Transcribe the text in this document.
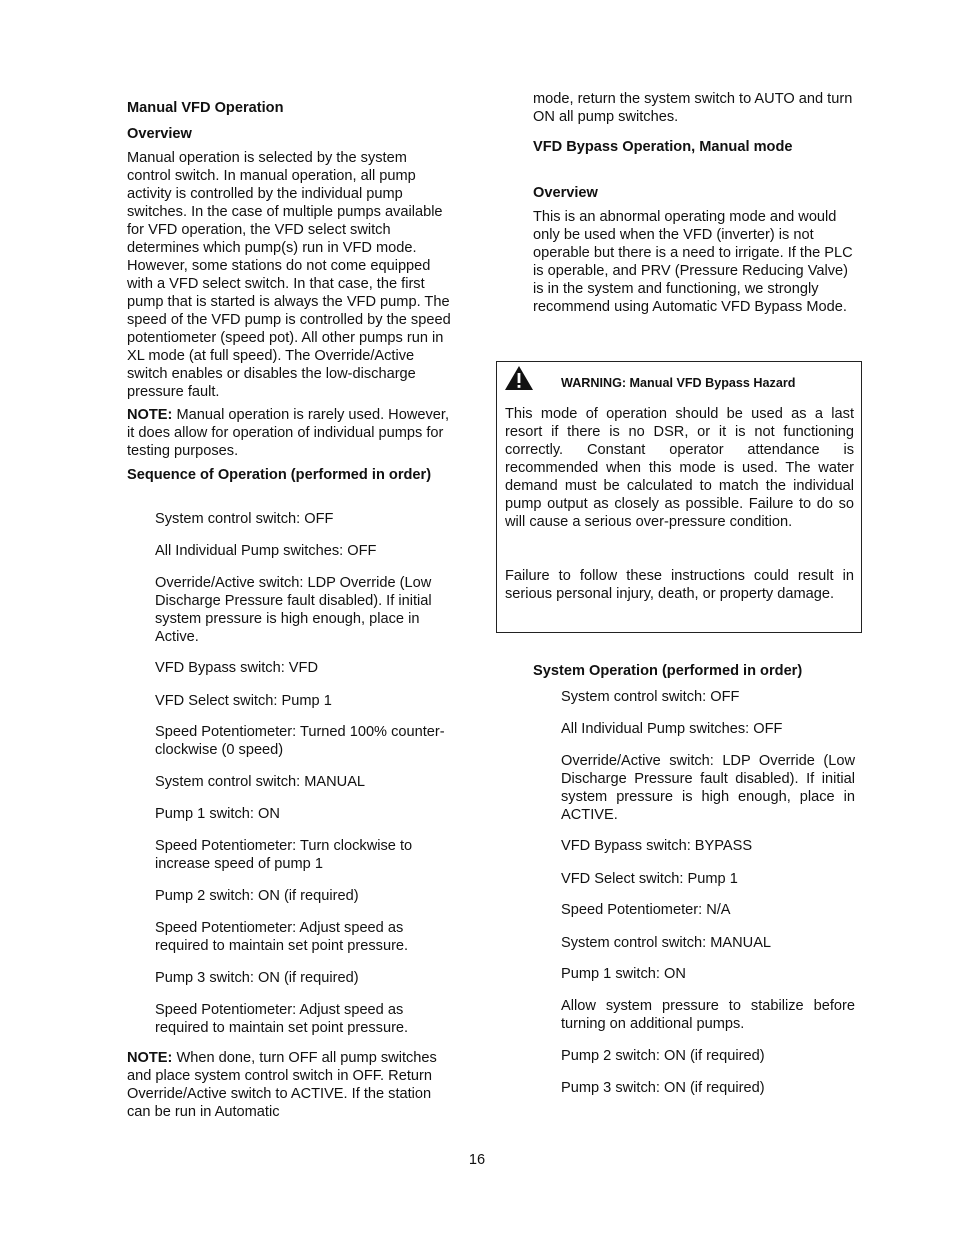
Manual VFD Operation
Overview
Manual operation is selected by the system control switch. In manual operation, all pump activity is controlled by the individual pump switches. In the case of multiple pumps available for VFD operation, the VFD select switch determines which pump(s) run in VFD mode. However, some stations do not come equipped with a VFD select switch. In that case, the first pump that is started is always the VFD pump. The speed of the VFD pump is controlled by the speed potentiometer (speed pot). All other pumps run in XL mode (at full speed). The Override/Active switch enables or disables the low-discharge pressure fault.
NOTE: Manual operation is rarely used. However, it does allow for operation of individual pumps for testing purposes.
Sequence of Operation (performed in order)
System control switch: OFF
All Individual Pump switches: OFF
Override/Active switch: LDP Override (Low Discharge Pressure fault disabled). If initial system pressure is high enough, place in Active.
VFD Bypass switch: VFD
VFD Select switch: Pump 1
Speed Potentiometer: Turned 100% counter-clockwise (0 speed)
System control switch: MANUAL
Pump 1 switch: ON
Speed Potentiometer: Turn clockwise to increase speed of pump 1
Pump 2 switch: ON (if required)
Speed Potentiometer: Adjust speed as required to maintain set point pressure.
Pump 3 switch: ON (if required)
Speed Potentiometer: Adjust speed as required to maintain set point pressure.
NOTE: When done, turn OFF all pump switches and place system control switch in OFF. Return Override/Active switch to ACTIVE. If the station can be run in Automatic
mode, return the system switch to AUTO and turn ON all pump switches.
VFD Bypass Operation, Manual mode
Overview
This is an abnormal operating mode and would only be used when the VFD (inverter) is not operable but there is a need to irrigate. If the PLC is operable, and PRV (Pressure Reducing Valve) is in the system and functioning, we strongly recommend using Automatic VFD Bypass Mode.
WARNING: Manual VFD Bypass Hazard
This mode of operation should be used as a last resort if there is no DSR, or it is not functioning correctly. Constant operator attendance is recommended when this mode is used. The water demand must be calculated to match the individual pump output as closely as possible. Failure to do so will cause a serious over-pressure condition.
Failure to follow these instructions could result in serious personal injury, death, or property damage.
System Operation (performed in order)
System control switch: OFF
All Individual Pump switches: OFF
Override/Active switch: LDP Override (Low Discharge Pressure fault disabled). If initial system pressure is high enough, place in ACTIVE.
VFD Bypass switch: BYPASS
VFD Select switch: Pump 1
Speed Potentiometer: N/A
System control switch: MANUAL
Pump 1 switch: ON
Allow system pressure to stabilize before turning on additional pumps.
Pump 2 switch: ON (if required)
Pump 3 switch: ON (if required)
16
